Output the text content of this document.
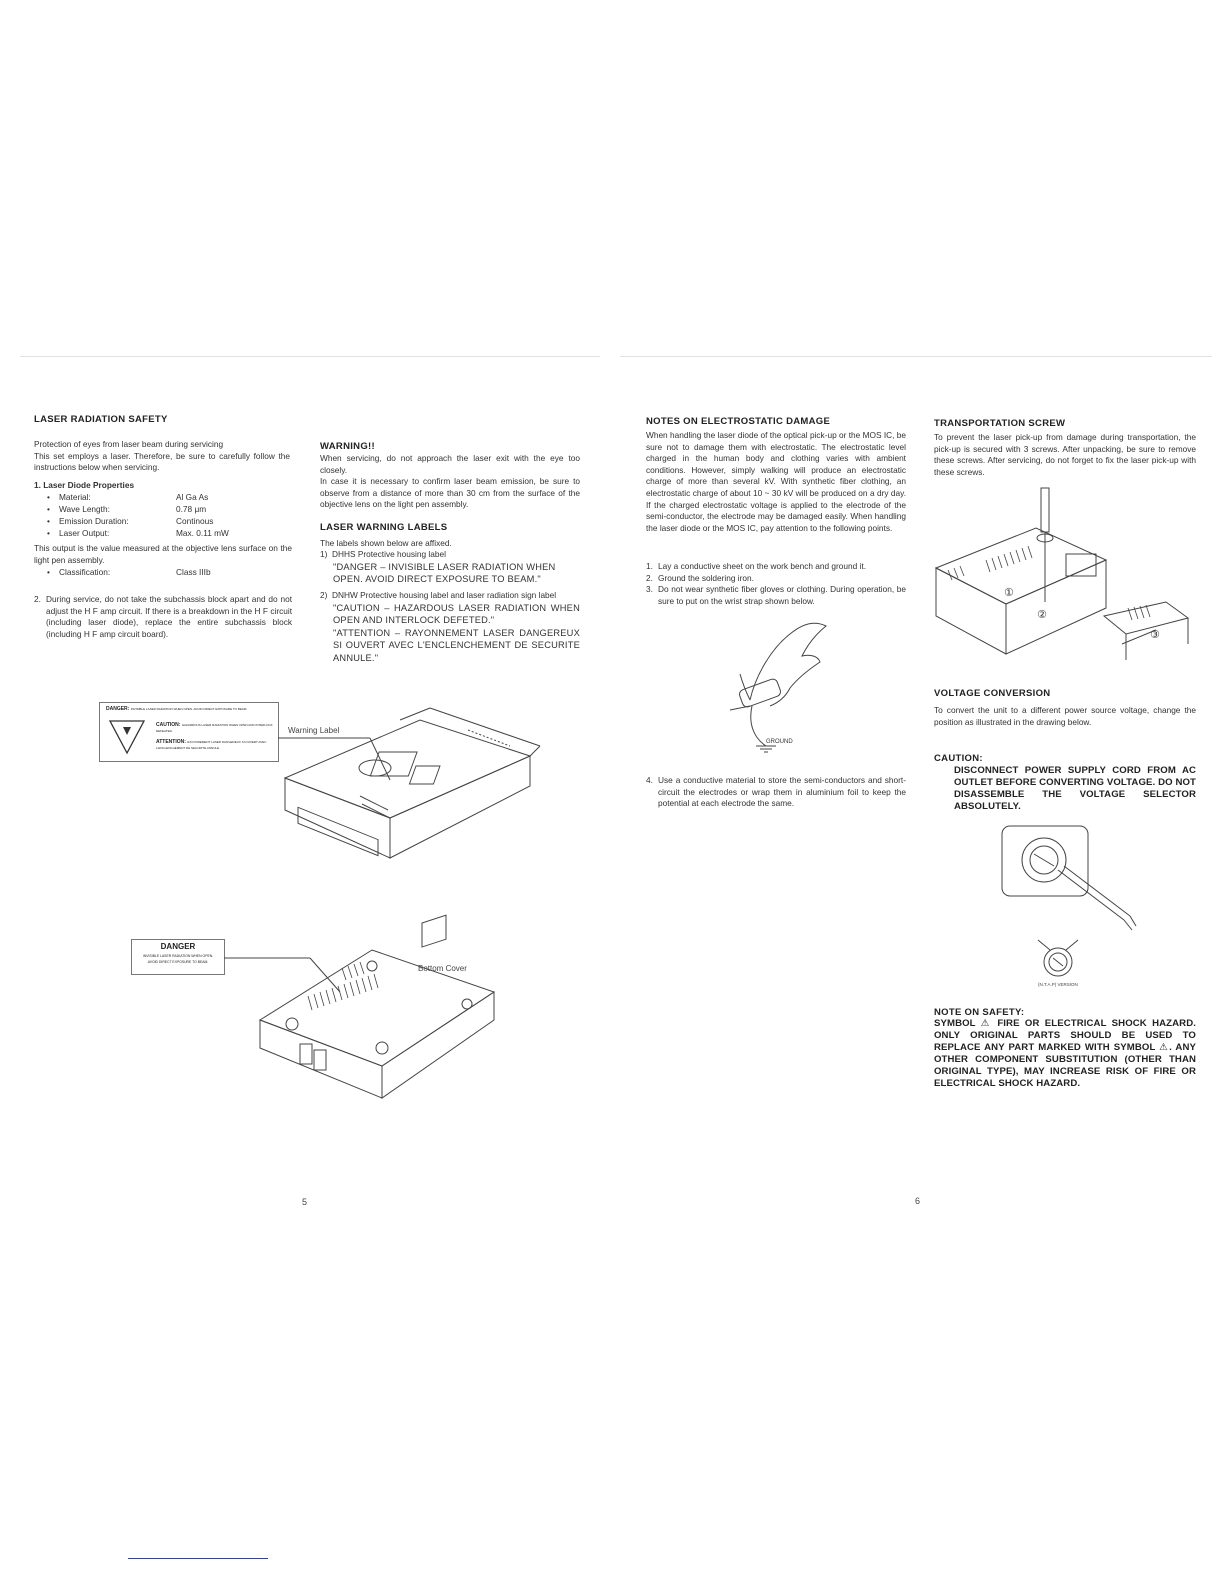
LASER RADIATION SAFETY
Protection of eyes from laser beam during servicing
This set employs a laser. Therefore, be sure to carefully follow the instructions below when servicing.
1. Laser Diode Properties
•	Material:	Al Ga As
•	Wave Length:	0.78 μm
•	Emission Duration:	Continous
•	Laser Output:	Max. 0.11 mW
This output is the value measured at the objective lens surface on the light pen assembly.
•	Classification:	Class IIIb
2. During service, do not take the subchassis block apart and do not adjust the H F amp circuit. If there is a breakdown in the H F circuit (including laser diode), replace the entire subchassis block (including H F amp circuit board).
WARNING!!
When servicing, do not approach the laser exit with the eye too closely.
In case it is necessary to confirm laser beam emission, be sure to observe from a distance of more than 30 cm from the surface of the objective lens on the light pen assembly.
LASER WARNING LABELS
The labels shown below are affixed.
1) DHHS Protective housing label
"DANGER – INVISIBLE LASER RADIATION WHEN OPEN. AVOID DIRECT EXPOSURE TO BEAM."
2) DNHW Protective housing label and laser radiation sign label
"CAUTION – HAZARDOUS LASER RADIATION WHEN OPEN AND INTERLOCK DEFETED."
"ATTENTION – RAYONNEMENT LASER DANGEREUX SI OUVERT AVEC L'ENCLENCHEMENT DE SECURITE ANNULE."
DANGER: INVISIBLE LASER RADIATION WHEN OPEN. AVOID DIRECT EXPOSURE TO BEAM.
CAUTION: HAZARDOUS LASER RADIATION WHEN OPEN AND INTERLOCK DEFEATED.
ATTENTION: RAYONNEMENT LASER DANGEREUX SI OUVERT AVEC L'ENCLENCHEMENT DE SECURITE ANNULE.
Warning Label
DANGER
INVISIBLE LASER RADIATION WHEN OPEN.
AVOID DIRECT EXPOSURE TO BEAM.
Bottom Cover
5
NOTES ON ELECTROSTATIC DAMAGE
When handling the laser diode of the optical pick-up or the MOS IC, be sure not to damage them with electrostatic. The electrostatic level charged in the human body and clothing varies with ambient conditions. However, simply walking will produce an electrostatic charge of more than several kV. With synthetic fiber clothing, an electrostatic charge of about 10 ~ 30 kV will be produced on a dry day. If the charged electrostatic voltage is applied to the electrode of the semi-conductor, the electrode may be damaged easily. When handling the laser diode or the MOS IC, pay attention to the following points.
1. Lay a conductive sheet on the work bench and ground it.
2. Ground the soldering iron.
3. Do not wear synthetic fiber gloves or clothing. During operation, be sure to put on the wrist strap shown below.
GROUND
4. Use a conductive material to store the semi-conductors and short-circuit the electrodes or wrap them in aluminium foil to keep the potential at each electrode the same.
TRANSPORTATION SCREW
To prevent the laser pick-up from damage during transportation, the pick-up is secured with 3 screws. After unpacking, be sure to remove these screws. After servicing, do not forget to fix the laser pick-up with these screws.
①
②
③
VOLTAGE CONVERSION
To convert the unit to a different power source voltage, change the position as illustrated in the drawing below.
CAUTION:
DISCONNECT POWER SUPPLY CORD FROM AC OUTLET BEFORE CONVERTING VOLTAGE. DO NOT DISASSEMBLE THE VOLTAGE SELECTOR ABSOLUTELY.
(N.T.A.P) VERSION
NOTE ON SAFETY:
SYMBOL ⚠ FIRE OR ELECTRICAL SHOCK HAZARD. ONLY ORIGINAL PARTS SHOULD BE USED TO REPLACE ANY PART MARKED WITH SYMBOL ⚠. ANY OTHER COMPONENT SUBSTITUTION (OTHER THAN ORIGINAL TYPE), MAY INCREASE RISK OF FIRE OR ELECTRICAL SHOCK HAZARD.
6
